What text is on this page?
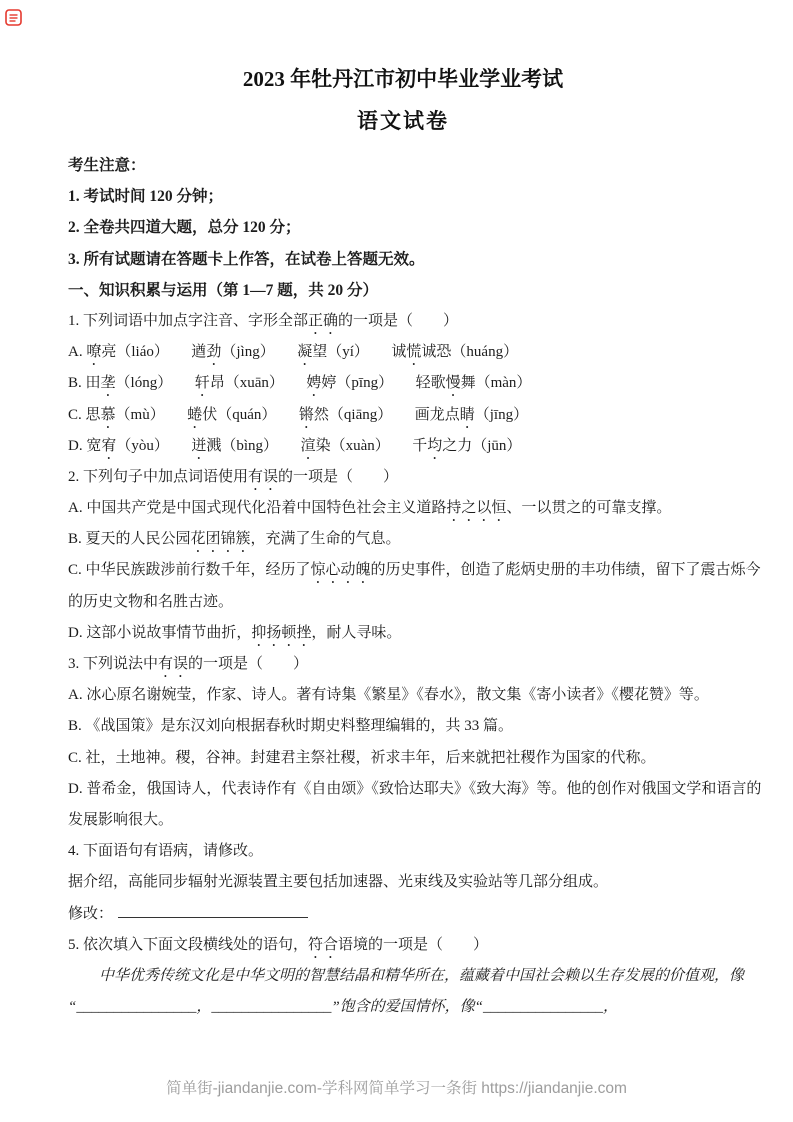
2023 年牡丹江市初中毕业学业考试
语文试卷
考生注意：
1. 考试时间 120 分钟；
2. 全卷共四道大题，总分 120 分；
3. 所有试题请在答题卡上作答，在试卷上答题无效。
一、知识积累与运用（第 1—7 题，共 20 分）
1. 下列词语中加点字注音、字形全部正确的一项是（　　）
A. 嘹亮（liáo）　　遒劲（jìng）　　凝望（yí）　　诚慌诚恐（huáng）
B. 田垄（lóng）　　轩昂（xuān）　　娉婷（pīng）　　轻歌慢舞（màn）
C. 思慕（mù）　　蜷伏（quán）　　锵然（qiāng）　　画龙点睛（jīng）
D. 宽宥（yòu）　　迸溅（bìng）　　渲染（xuàn）　　千均之力（jūn）
2. 下列句子中加点词语使用有误的一项是（　　）
A. 中国共产党是中国式现代化沿着中国特色社会主义道路持之以恒、一以贯之的可靠支撑。
B. 夏天的人民公园花团锦簇，充满了生命的气息。
C. 中华民族跋涉前行数千年，经历了惊心动魄的历史事件，创造了彪炳史册的丰功伟绩，留下了震古烁今
的历史文物和名胜古迹。
D. 这部小说故事情节曲折，抑扬顿挫，耐人寻味。
3. 下列说法中有误的一项是（　　）
A. 冰心原名谢婉莹，作家、诗人。著有诗集《繁星》《春水》，散文集《寄小读者》《樱花赞》等。
B. 《战国策》是东汉刘向根据春秋时期史料整理编辑的，共 33 篇。
C. 社，土地神。稷，谷神。封建君主祭社稷，祈求丰年，后来就把社稷作为国家的代称。
D. 普希金，俄国诗人，代表诗作有《自由颂》《致恰达耶夫》《致大海》等。他的创作对俄国文学和语言的
发展影响很大。
4. 下面语句有语病，请修改。
据介绍，高能同步辐射光源装置主要包括加速器、光束线及实验站等几部分组成。
修改：
5. 依次填入下面文段横线处的语句，符合语境的一项是（　　）
中华优秀传统文化是中华文明的智慧结晶和精华所在，蕴藏着中国社会赖以生存发展的价值观，像
“________________，________________”饱含的爱国情怀，像“________________，
简单街-jiandanjie.com-学科网简单学习一条街 https://jiandanjie.com
